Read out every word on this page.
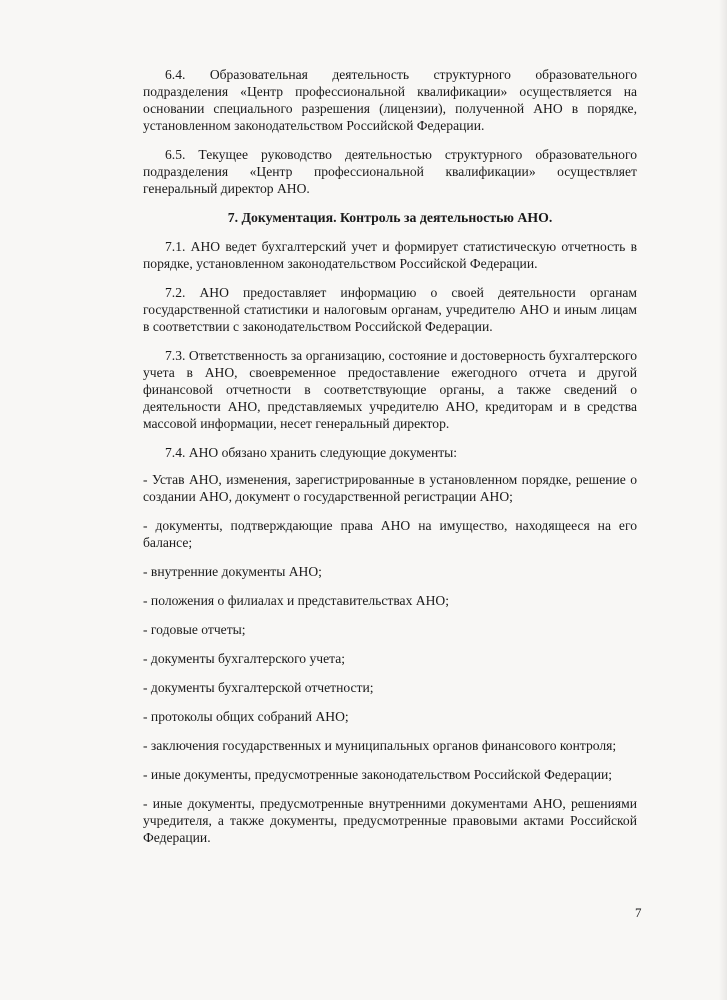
6.4. Образовательная деятельность структурного образовательного подразделения «Центр профессиональной квалификации» осуществляется на основании специального разрешения (лицензии), полученной АНО в порядке, установленном законодательством Российской Федерации.

6.5. Текущее руководство деятельностью структурного образовательного подразделения «Центр профессиональной квалификации» осуществляет генеральный директор АНО.

7. Документация. Контроль за деятельностью АНО.

7.1. АНО ведет бухгалтерский учет и формирует статистическую отчетность в порядке, установленном законодательством Российской Федерации.

7.2. АНО предоставляет информацию о своей деятельности органам государственной статистики и налоговым органам, учредителю АНО и иным лицам в соответствии с законодательством Российской Федерации.

7.3. Ответственность за организацию, состояние и достоверность бухгалтерского учета в АНО, своевременное предоставление ежегодного отчета и другой финансовой отчетности в соответствующие органы, а также сведений о деятельности АНО, представляемых учредителю АНО, кредиторам и в средства массовой информации, несет генеральный директор.

7.4. АНО обязано хранить следующие документы:

- Устав АНО, изменения, зарегистрированные в установленном порядке, решение о создании АНО, документ о государственной регистрации АНО;

- документы, подтверждающие права АНО на имущество, находящееся на его балансе;

- внутренние документы АНО;

- положения о филиалах и представительствах АНО;

- годовые отчеты;

- документы бухгалтерского учета;

- документы бухгалтерской отчетности;

- протоколы общих собраний АНО;

- заключения государственных и муниципальных органов финансового контроля;

- иные документы, предусмотренные законодательством Российской Федерации;

- иные документы, предусмотренные внутренними документами АНО, решениями учредителя, а также документы, предусмотренные правовыми актами Российской Федерации.

7
